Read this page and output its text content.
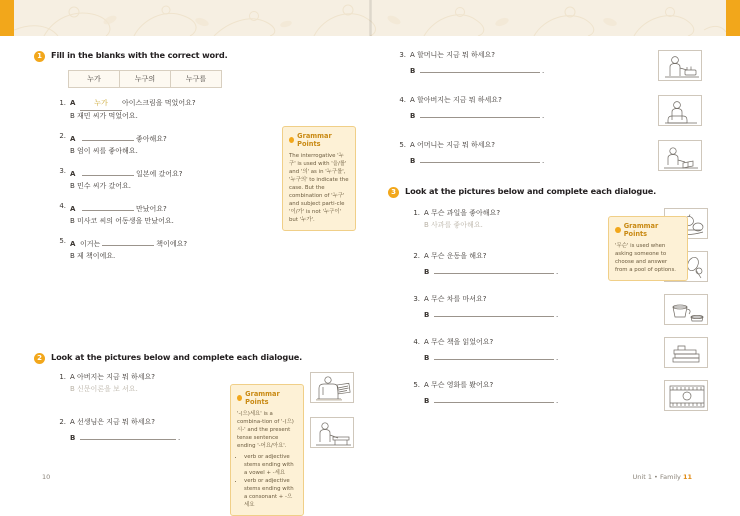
1	Fill in the blanks with the correct word.
누가	누구의	누구를
1. A	누가	아이스크림을 먹었어요?
B 재민 씨가 먹었어요.
2. A	좋아해요?
B 엄이 씨를 좋아해요.
3. A	일본에 갔어요?
B 민수 씨가 갔어요.
4. A	만났어요?
B 미사코 씨의 어동생을 만났어요.
5. A 이거는	책이에요?
B 제 책이에요.
Grammar Points

The interrogative '누구' is used with '을/를' and '의' as in '누구를', '누구의' to indicate the case. But the combination of '누구' and subject parti-cle '이/가' is not '누구이' but '누가'.

2	Look at the pictures below and complete each dialogue.
1. A 아버지는 지금 뭐 하세요?
B 신문이론을 보 셔요.
2. A 선생님은 지금 뭐 하세요?
B	.
Grammar Points

'-(으)세요' is a combina-tion of '-(으)시-' and the present tense sentence ending '-어요/아요'.

• verb or adjective stems ending with a vowel + -세요
• verb or adjective stems ending with a consonant + -으세요
10
3. A 할머니는 지금 뭐 하세요?
B	.
4. A 할아버지는 지금 뭐 하세요?
B	.
5. A 어머니는 지금 뭐 하세요?
B	.
3	Look at the pictures below and complete each dialogue.
1. A 무슨 과일을 좋아해요?
B 사과를 좋아해요.
2. A 무슨 운동을 해요?
B	.
3. A 무슨 차를 마셔요?
B	.
4. A 무슨 책을 읽었어요?
B	.
5. A 무슨 영화를 봤어요?
B	.
Grammar Points

'무슨' is used when asking someone to choose and answer from a pool of options.

Unit 1 • Family 11
